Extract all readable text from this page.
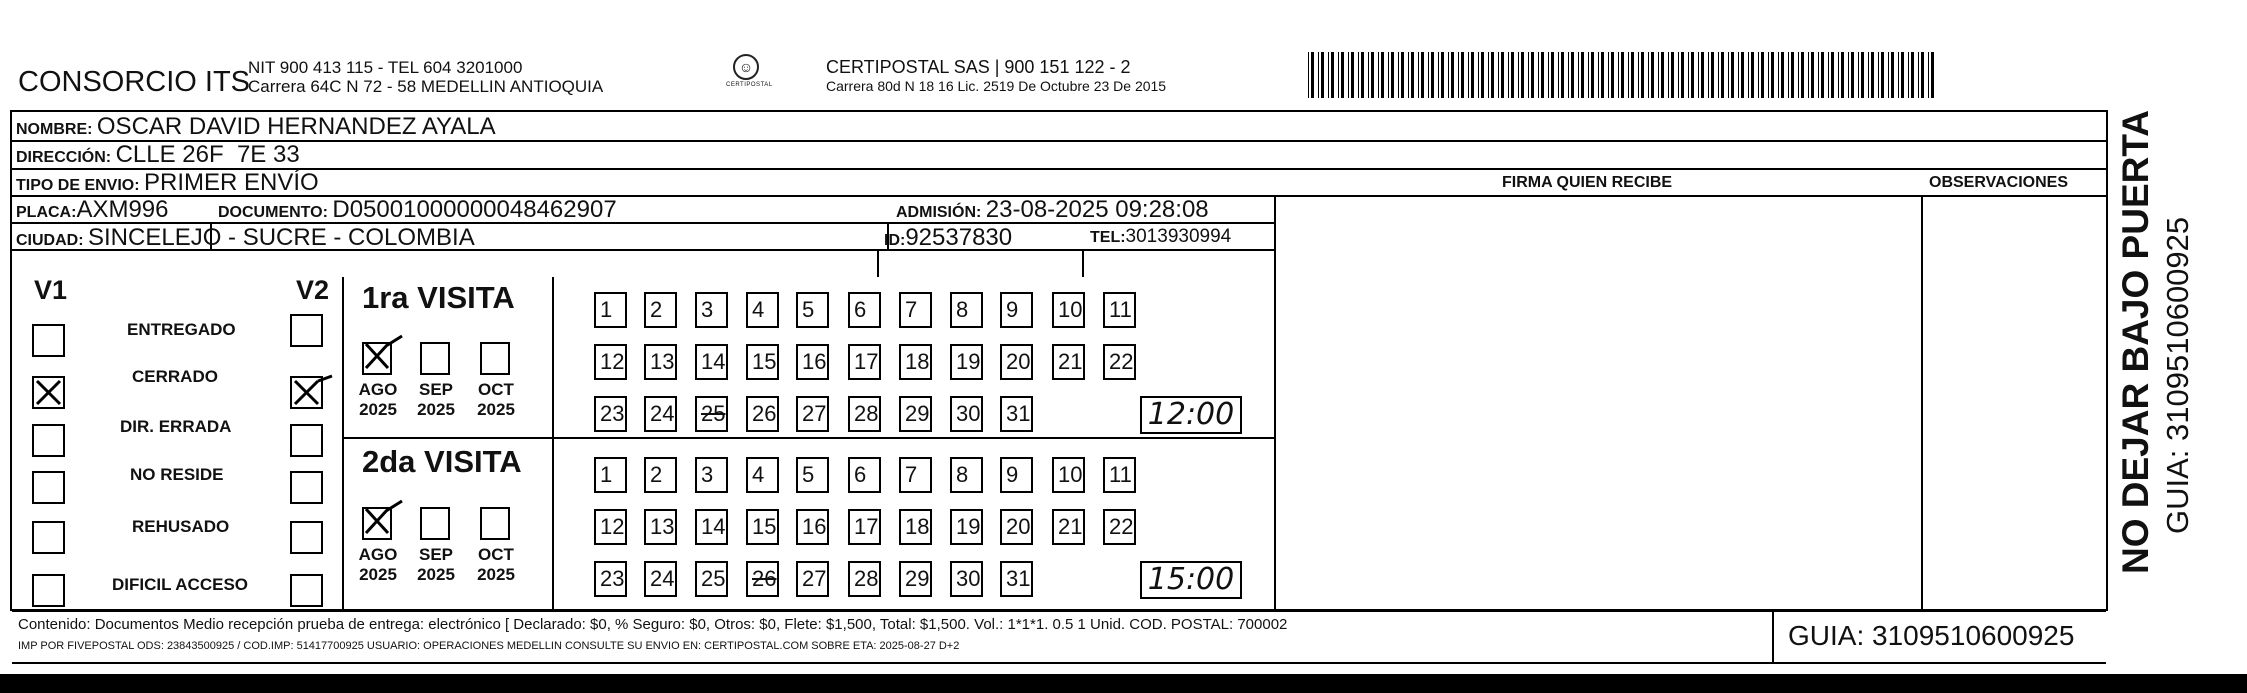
CONSORCIO ITS
NIT 900 413 115 - TEL 604 3201000
Carrera 64C N 72 - 58 MEDELLIN ANTIOQUIA
☺
CERTIPOSTAL
CERTIPOSTAL SAS | 900 151 122 - 2
Carrera 80d N 18 16 Lic. 2519 De Octubre 23 De 2015
NOMBRE: OSCAR DAVID HERNANDEZ AYALA
DIRECCIÓN: CLLE 26F  7E 33
TIPO DE ENVIO: PRIMER ENVÍO
PLACA:AXM996	DOCUMENTO: D05001000000048462907	ADMISIÓN: 23-08-2025 09:28:08
CIUDAD: SINCELEJO - SUCRE - COLOMBIA	ID:92537830	TEL:3013930994
FIRMA QUIEN RECIBE	OBSERVACIONES
V1	V2
ENTREGADO
CERRADO
DIR. ERRADA
NO RESIDE
REHUSADO
DIFICIL ACCESO
1ra VISITA
2da VISITA
AGO
2025
SEP
2025
OCT
2025
1	2	3	4	5	6	7	8	9	10 11
12 13 14 15 16 17 18 19 20 21 22
23 24 25 26 27 28 29 30 31	12:00
AGO
2025
SEP
2025
OCT
2025
1	2	3	4	5	6	7	8	9	10 11
12 13 14 15 16 17 18 19 20 21 22
23 24 25 26 27 28 29 30 31	15:00
Contenido: Documentos Medio recepción prueba de entrega: electrónico [ Declarado: $0, % Seguro: $0, Otros: $0, Flete: $1,500, Total: $1,500. Vol.: 1*1*1. 0.5 1 Unid. COD. POSTAL: 700002
IMP POR FIVEPOSTAL ODS: 23843500925 / COD.IMP: 51417700925 USUARIO: OPERACIONES MEDELLIN CONSULTE SU ENVIO EN: CERTIPOSTAL.COM SOBRE ETA: 2025-08-27 D+2	GUIA: 3109510600925
NO DEJAR BAJO PUERTA GUIA: 3109510600925
